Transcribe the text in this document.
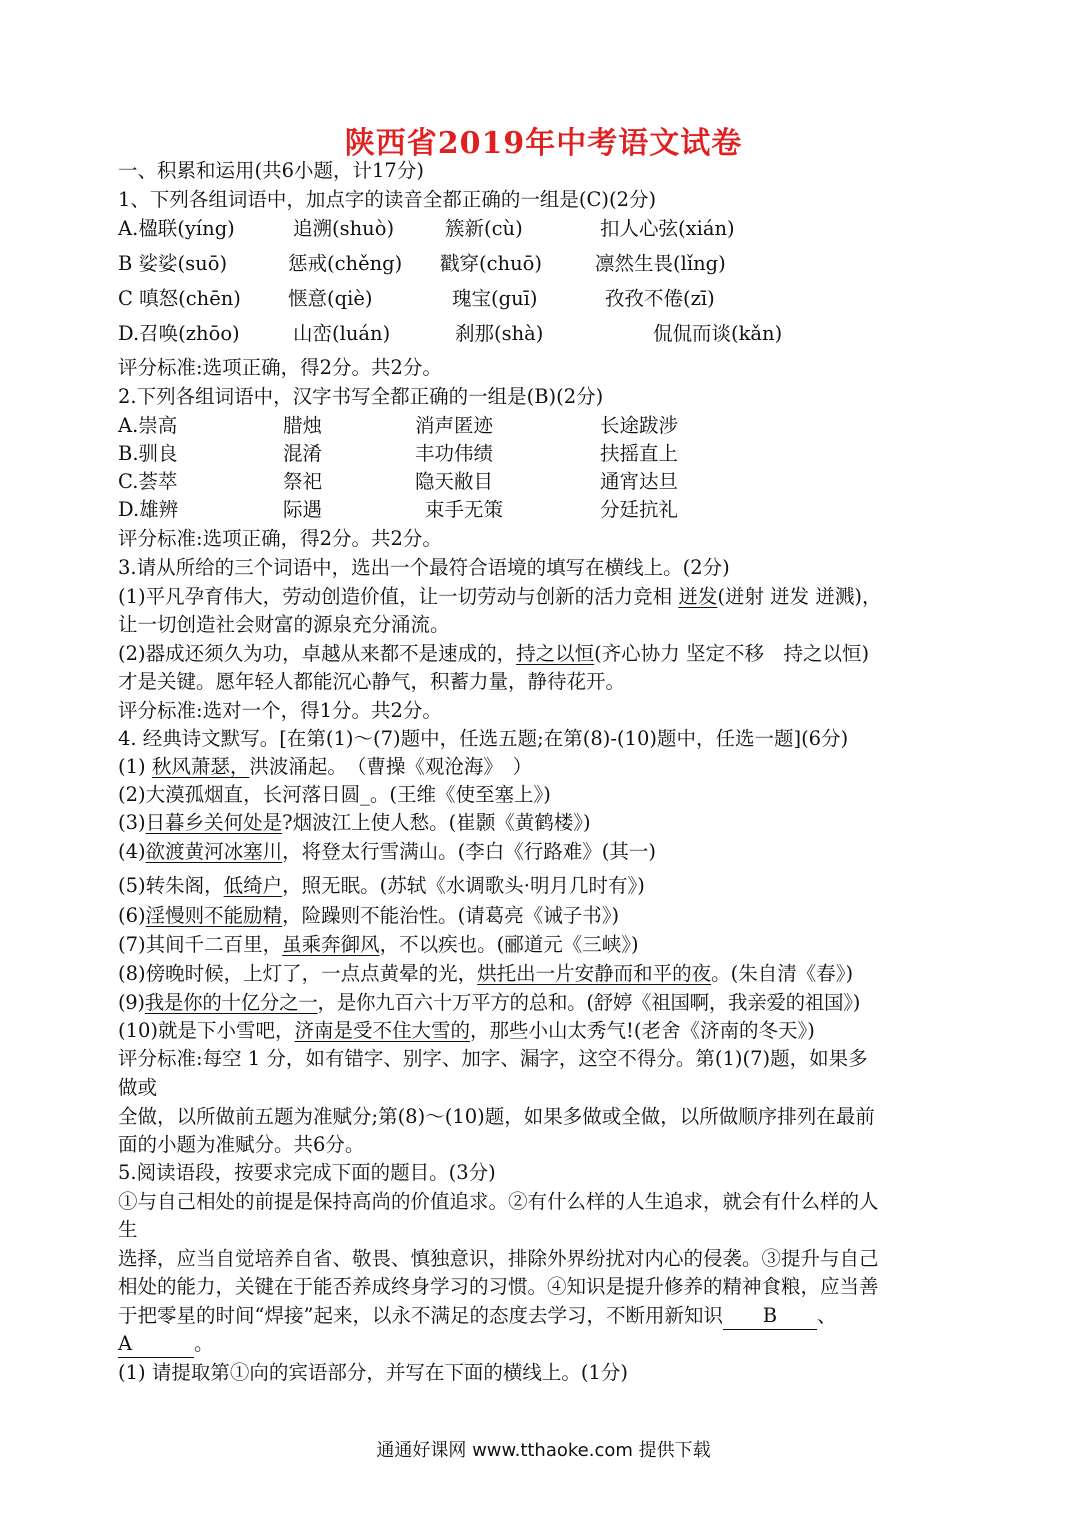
陕西省2019年中考语文试卷
一、积累和运用(共6小题，计17分)
1、下列各组词语中，加点字的读音全都正确的一组是(C)(2分)
A.楹联(yíng)	追溯(shuò)	簇新(cù)	扣人心弦(xián)
B 娑娑(suō)	惩戒(chěng) 戳穿(chuō)	凛然生畏(lǐng)
C 嗔怒(chēn) 惬意(qiè)	瑰宝(guī)	孜孜不倦(zī)
D.召唤(zhōo)	山峦(luán)	刹那(shà)	侃侃而谈(kǎn)
评分标准:选项正确，得2分。共2分。
2.下列各组词语中，汉字书写全都正确的一组是(B)(2分)
A.崇高	腊烛	消声匿迹	长途跋涉
B.驯良	混淆	丰功伟绩	扶摇直上
C.荟萃	祭祀	隐天敝目	通宵达旦
D.雄辨	际遇	束手无策	分廷抗礼
评分标准:选项正确，得2分。共2分。
3.请从所给的三个词语中，选出一个最符合语境的填写在横线上。(2分)
(1)平凡孕育伟大，劳动创造价值，让一切劳动与创新的活力竞相 迸发(迸射 迸发 迸溅)，
让一切创造社会财富的源泉充分涌流。
(2)器成还须久为功，卓越从来都不是速成的，持之以恒(齐心协力 坚定不移　持之以恒)
才是关键。愿年轻人都能沉心静气，积蓄力量，静待花开。
评分标准:选对一个，得1分。共2分。
4. 经典诗文默写。[在第(1)～(7)题中，任选五题;在第(8)-(10)题中，任选一题](6分)
(1) 秋风萧瑟，洪波涌起。　（曹操《观沧海》　）
(2)大漠孤烟直，长河落日圆_。(王维《使至塞上》)
(3)日暮乡关何处是?烟波江上使人愁。(崔颢《黄鹤楼》)
(4)欲渡黄河冰塞川，将登太行雪满山。(李白《行路难》(其一)
(5)转朱阁，低绮户，照无眠。(苏轼《水调歌头·明月几时有》)
(6)淫慢则不能励精，险躁则不能治性。(请葛亮《诫子书》)
(7)其间千二百里，虽乘奔御风，不以疾也。(郦道元《三峡》)
(8)傍晚时候，上灯了，一点点黄晕的光，烘托出一片安静而和平的夜。(朱自清《春》)
(9)我是你的十亿分之一，是你九百六十万平方的总和。(舒婷《祖国啊，我亲爱的祖国》)
(10)就是下小雪吧，济南是受不住大雪的，那些小山太秀气!(老舍《济南的冬天》)
评分标准:每空 1 分，如有错字、别字、加字、漏字，这空不得分。第(1)(7)题，如果多
做或
全做，以所做前五题为准赋分;第(8)～(10)题，如果多做或全做，以所做顺序排列在最前
面的小题为准赋分。共6分。
5.阅读语段，按要求完成下面的题目。(3分)
①与自己相处的前提是保持高尚的价值追求。②有什么样的人生追求，就会有什么样的人
生
选择，应当自觉培养自省、敬畏、慎独意识，排除外界纷扰对内心的侵袭。③提升与自己
相处的能力，关键在于能否养成终身学习的习惯。④知识是提升修养的精神食粮，应当善
于把零星的时间“焊接”起来，以永不满足的态度去学习，不断用新知识 B 、
A	。
(1) 请提取第①向的宾语部分，并写在下面的横线上。(1分)
通通好课网 www.tthaoke.com 提供下载
